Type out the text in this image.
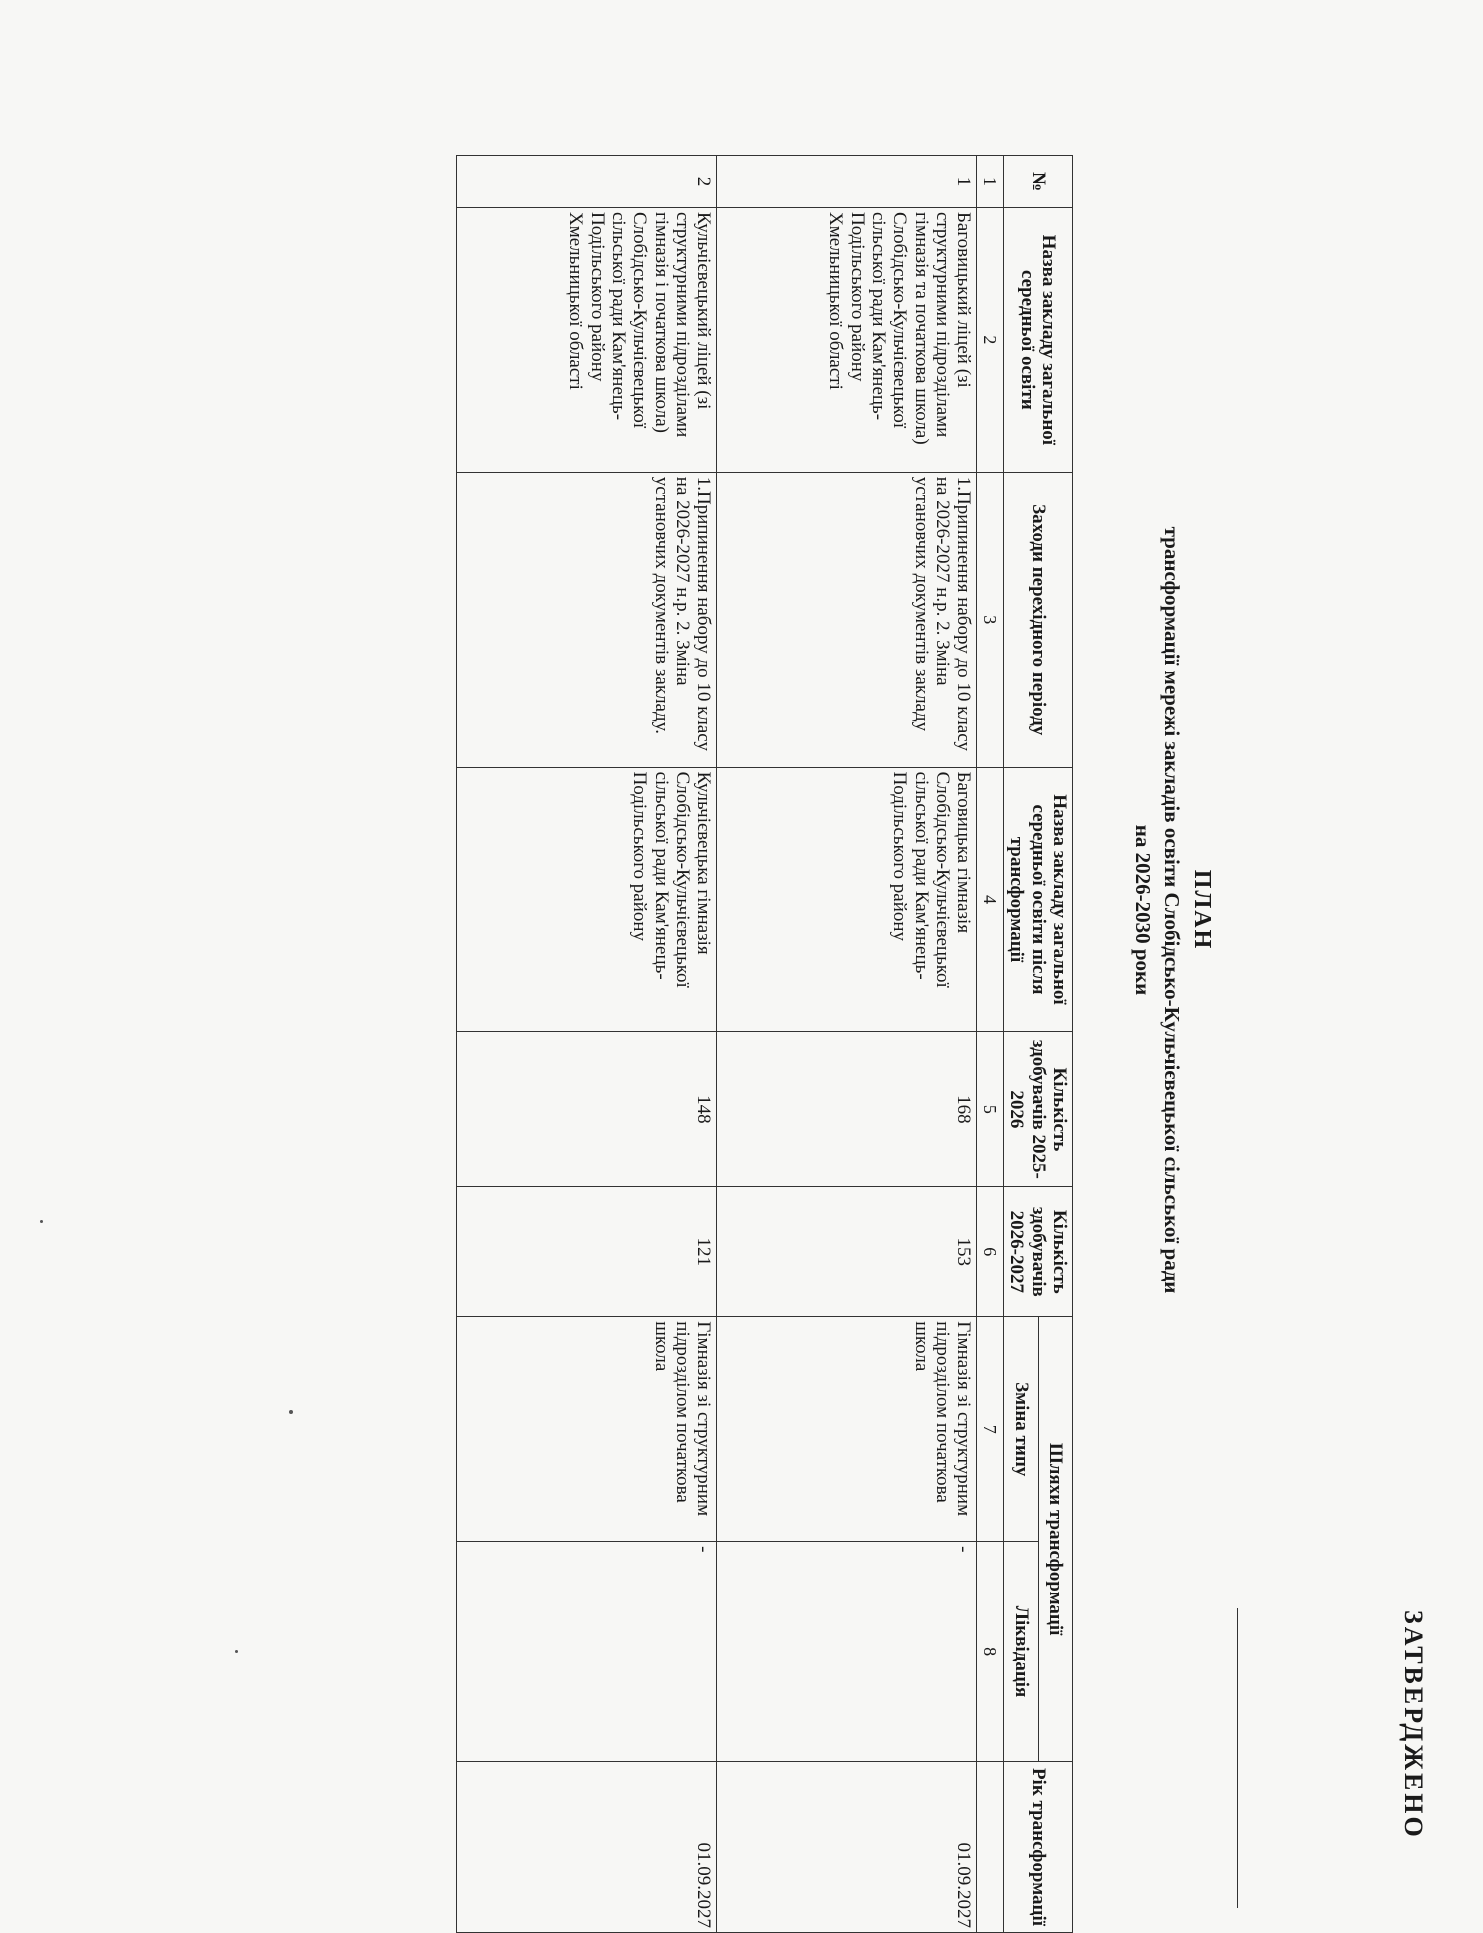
ЗАТВЕРДЖЕНО
ПЛАН
трансформації мережі закладів освіти Слобідсько-Кульчієвецької сільської ради
на 2026-2030 роки
№	Назва закладу загальної середньої освіти	Заходи перехідного періоду	Назва закладу загальної середньої освіти після трансформації	Кількість здобувачів 2025-2026	Кількість здобувачів 2026-2027	Шляхи трансформації		Рік трансформації
						Зміна типу	Ліквідація	
1	2	3	4	5	6	7	8	
1	Баговицький ліцей (зі структурними підрозділами гімназія та початкова школа) Слобідсько-Кульчієвецької сільської ради Кам'янець-Подільського району Хмельницької області	1.Припинення набору до 10 класу на 2026-2027 н.р. 2. Зміна установчих документів закладу	Баговицька гімназія Слобідсько-Кульчієвецької сільської ради Кам'янець-Подільського району	168	153	Гімназія зі структурним підрозділом початкова школа	-	01.09.2027
2	Кульчієвецький ліцей (зі структурними підрозділами гімназія і початкова школа) Слобідсько-Кульчієвецької сільської ради Кам'янець-Подільського району Хмельницької області	1.Припинення набору до 10 класу на 2026-2027 н.р. 2. Зміна установчих документів закладу.	Кульчієвецька гімназія Слобідсько-Кульчієвецької сільської ради Кам'янець-Подільського району	148	121	Гімназія зі структурним підрозділом початкова школа	-	01.09.2027
